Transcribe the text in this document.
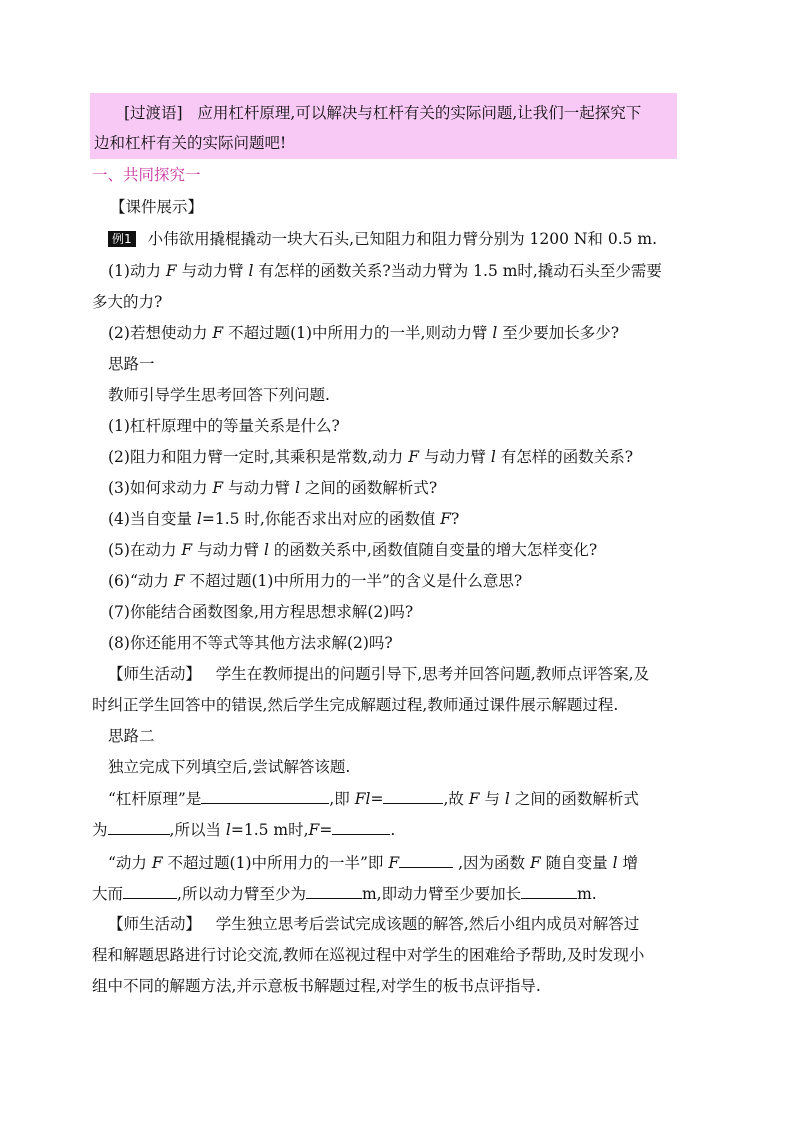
[过渡语] 应用杠杆原理,可以解决与杠杆有关的实际问题,让我们一起探究下
边和杠杆有关的实际问题吧!
一、共同探究一
【课件展示】
例1 小伟欲用撬棍撬动一块大石头,已知阻力和阻力臂分别为 1200 N和 0.5 m.
(1)动力 F 与动力臂 l 有怎样的函数关系?当动力臂为 1.5 m时,撬动石头至少需要
多大的力?
(2)若想使动力 F 不超过题(1)中所用力的一半,则动力臂 l 至少要加长多少?
思路一
教师引导学生思考回答下列问题.
(1)杠杆原理中的等量关系是什么?
(2)阻力和阻力臂一定时,其乘积是常数,动力 F 与动力臂 l 有怎样的函数关系?
(3)如何求动力 F 与动力臂 l 之间的函数解析式?
(4)当自变量 l=1.5 时,你能否求出对应的函数值 F?
(5)在动力 F 与动力臂 l 的函数关系中,函数值随自变量的增大怎样变化?
(6)“动力 F 不超过题(1)中所用力的一半”的含义是什么意思?
(7)你能结合函数图象,用方程思想求解(2)吗?
(8)你还能用不等式等其他方法求解(2)吗?
【师生活动】 学生在教师提出的问题引导下,思考并回答问题,教师点评答案,及
时纠正学生回答中的错误,然后学生完成解题过程,教师通过课件展示解题过程.
思路二
独立完成下列填空后,尝试解答该题.
“杠杆原理”是	,即 Fl=	,故 F 与 l 之间的函数解析式
为	,所以当 l=1.5 m时,F=	.
“动力 F 不超过题(1)中所用力的一半”即 F	,因为函数 F 随自变量 l 增
大而	,所以动力臂至少为	m,即动力臂至少要加长	m.
【师生活动】 学生独立思考后尝试完成该题的解答,然后小组内成员对解答过
程和解题思路进行讨论交流,教师在巡视过程中对学生的困难给予帮助,及时发现小
组中不同的解题方法,并示意板书解题过程,对学生的板书点评指导.
